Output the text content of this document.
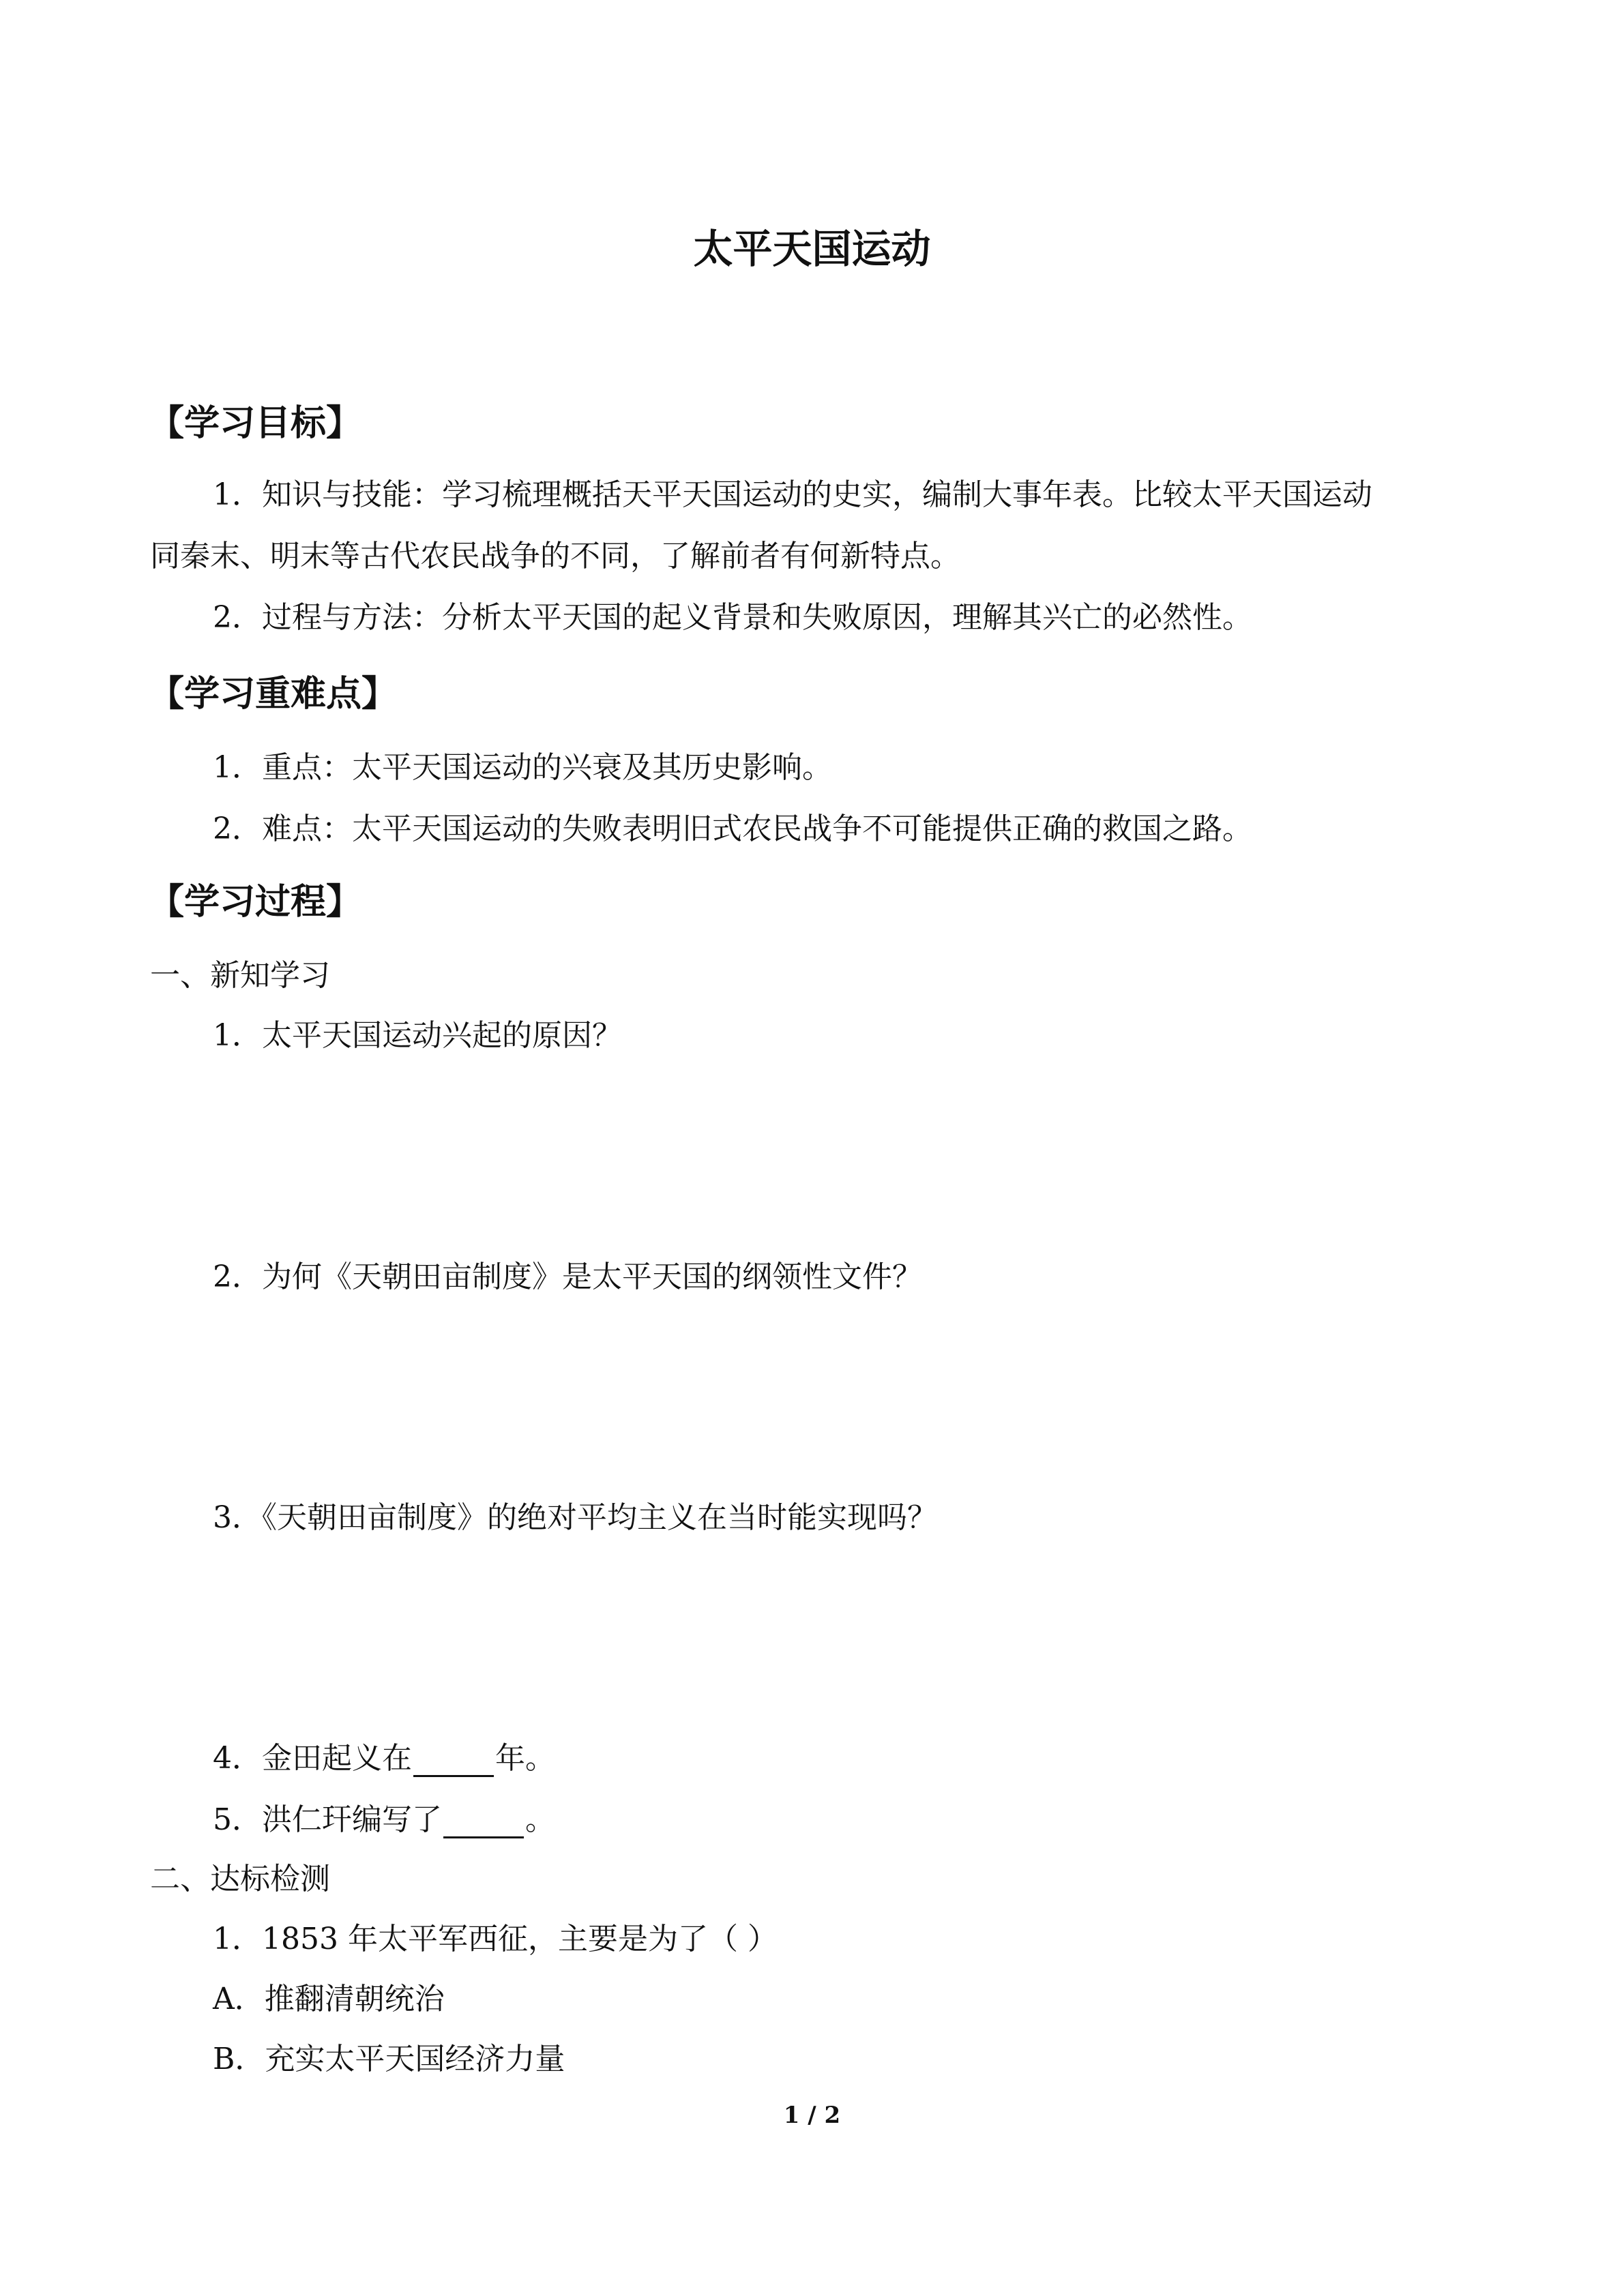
太平天国运动
【学习目标】
1．知识与技能：学习梳理概括天平天国运动的史实，编制大事年表。比较太平天国运动
同秦末、明末等古代农民战争的不同，了解前者有何新特点。
2．过程与方法：分析太平天国的起义背景和失败原因，理解其兴亡的必然性。
【学习重难点】
1．重点：太平天国运动的兴衰及其历史影响。
2．难点：太平天国运动的失败表明旧式农民战争不可能提供正确的救国之路。
【学习过程】
一、新知学习
1．太平天国运动兴起的原因？
2．为何《天朝田亩制度》是太平天国的纲领性文件？
3．《天朝田亩制度》的绝对平均主义在当时能实现吗？
4．金田起义在	年。
5．洪仁玕编写了	。
二、达标检测
1．1853 年太平军西征，主要是为了（ ）
A．推翻清朝统治
B．充实太平天国经济力量
1 / 2
